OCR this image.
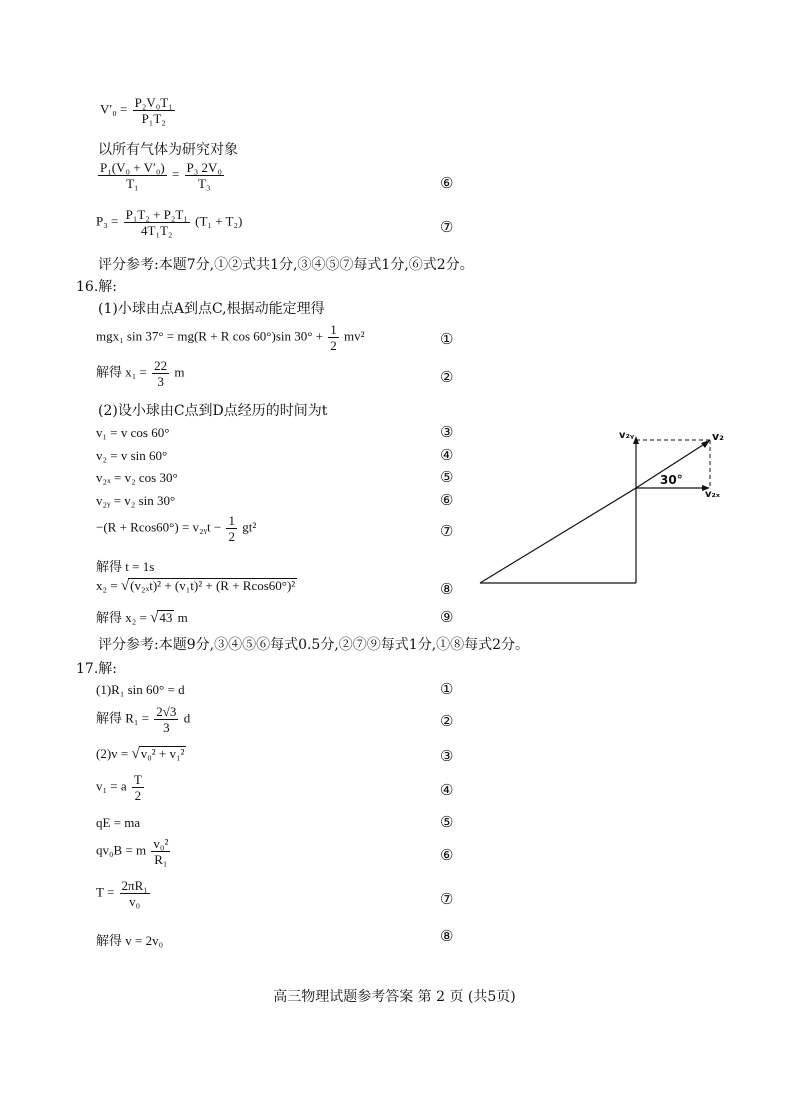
$V'_0 = \frac{\text{P₂V₀T₁}}{\text{P₁T₂}}$
以所有气体为研究对象
$\frac{\text{P₁(V₀ + V′₀)}}{\text{T₁}} = \frac{\text{P₃ 2V₀}}{\text{T₃}}$	⑥
$P_3 = \frac{\text{P₁T₂ + P₂T₁}}{\text{4T₁T₂}} (T_1 + T_2)$	⑦
评分参考:本题7分,①②式共1分,③④⑤⑦每式1分,⑥式2分。
16.解:
(1)小球由点A到点C,根据动能定理得
mgx₁ sin 37° = mg(R + R cos 60°)sin $30^\circ + \frac{1}{2} mv^2$	①
解得 $x_1 = \frac{22}{3}$ m	②
(2)设小球由C点到D点经历的时间为t
v₁ = v cos 60°	③
v₂ = v sin 60°	④
v₂ₓ = v₂ cos 30°	⑤
v₂ᵧ = v₂ sin 30°	⑥
−(R + Rcos60°) = v₂ᵧt − $\frac{1}{2} gt^2$	⑦
解得 t = 1s
x₂ = √(v₂ₓt)² + (v₁t)² + (R + Rcos60°)²	⑧
解得 x₂ = √43 m	⑨
评分参考:本题9分,③④⑤⑥每式0.5分,②⑦⑨每式1分,①⑧每式2分。
v₂ᵧ	v₂
30°
v₂ₓ
17.解:
(1)R₁ sin 60° = d	①
解得 $R_1 = \frac{2√3}{3}$ d	②
(2)v = √v₀² + v₁²	③
v₁ = a $\frac{T}{2}$	④
qE = ma	⑤
qv₀B = m $\frac{\text{v₀²}}{\text{R₁}}$	⑥
$T = \frac{\text{2πR₁}}{\text{v₀}}$	⑦
解得 v = 2v₀	⑧
高三物理试题参考答案 第 2 页 (共5页)
